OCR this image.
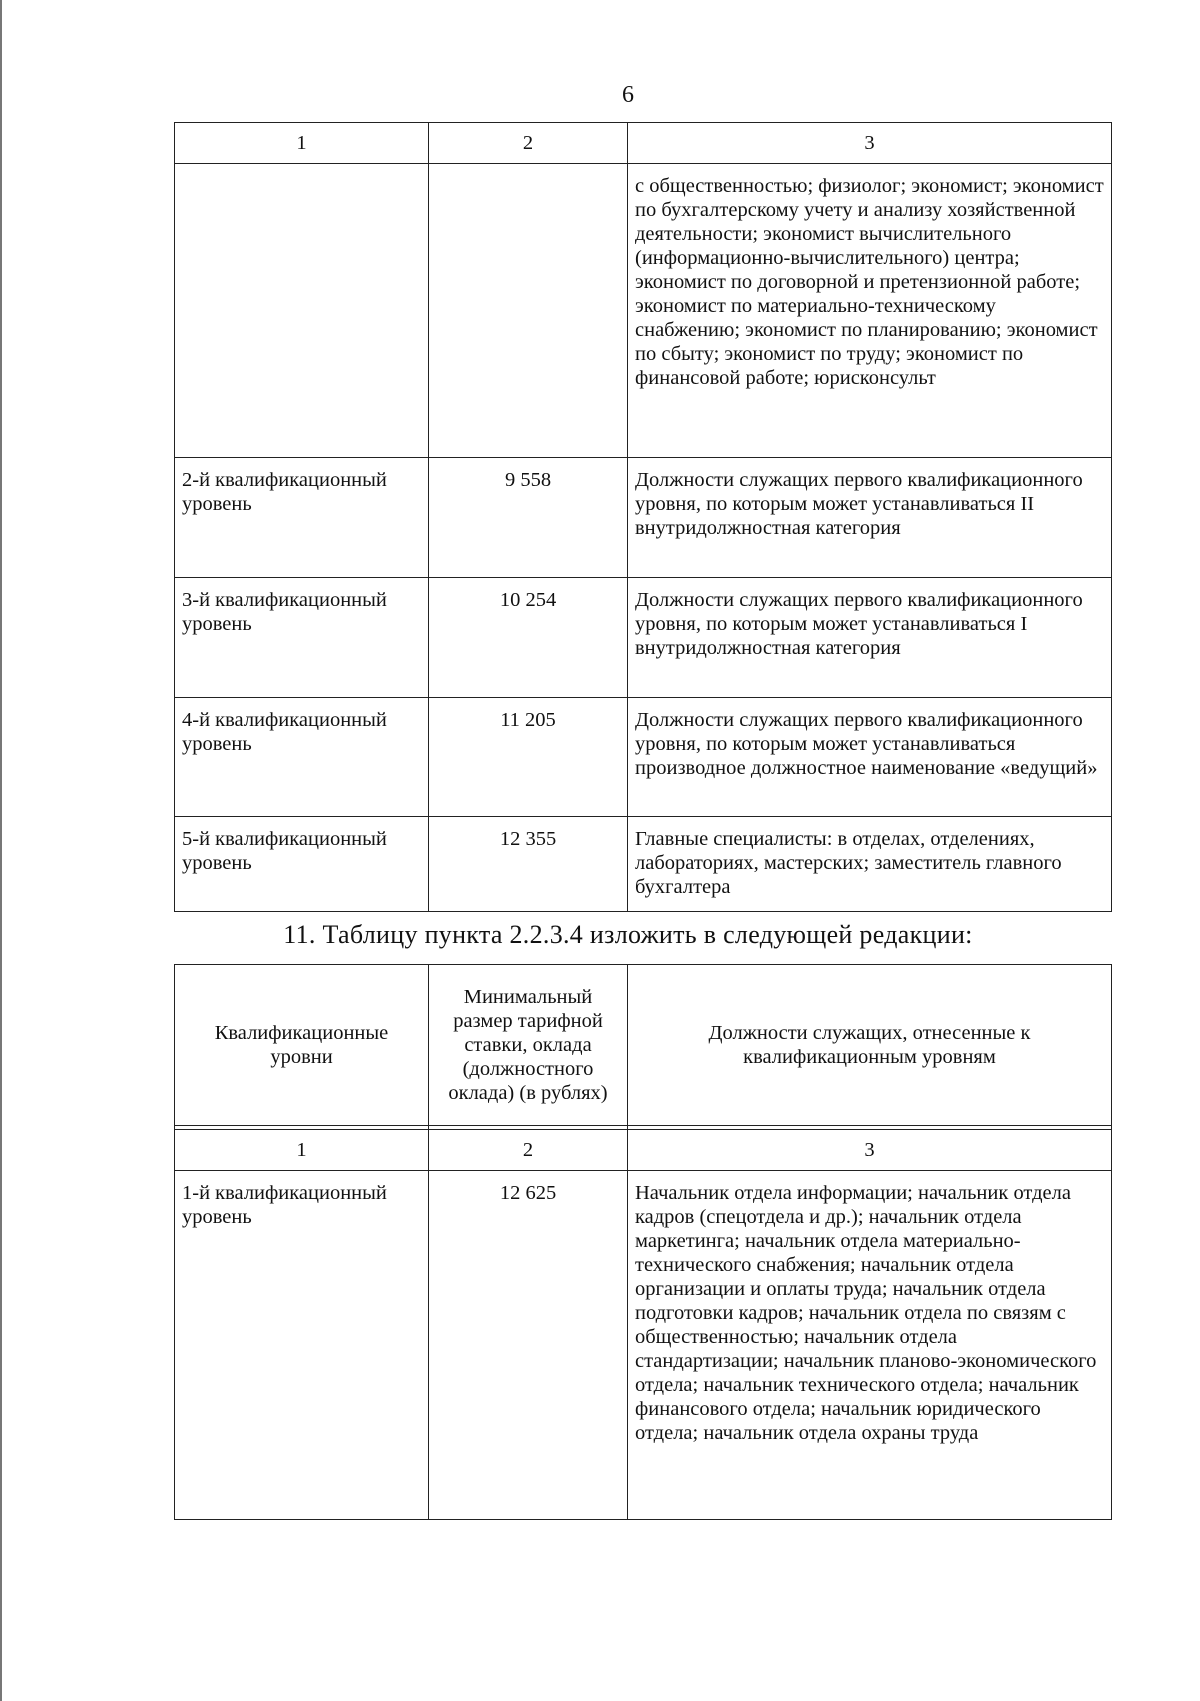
6
1	2	3
		с общественностью; физиолог; экономист; экономист по бухгалтерскому учету и анализу хозяйственной деятельности; экономист вычислительного (информационно-вычислительного) центра; экономист по договорной и претензионной работе; экономист по материально-техническому снабжению; экономист по планированию; экономист по сбыту; экономист по труду; экономист по финансовой работе; юрисконсульт
2-й квалификационный уровень	9 558	Должности служащих первого квалификационного уровня, по которым может устанавливаться II внутридолжностная категория
3-й квалификационный уровень	10 254	Должности служащих первого квалификационного уровня, по которым может устанавливаться I внутридолжностная категория
4-й квалификационный уровень	11 205	Должности служащих первого квалификационного уровня, по которым может устанавливаться производное должностное наименование «ведущий»
5-й квалификационный уровень	12 355	Главные специалисты: в отделах, отделениях, лабораториях, мастерских; заместитель главного бухгалтера
11. Таблицу пункта 2.2.3.4 изложить в следующей редакции:
Квалификационные уровни	Минимальный размер тарифной ставки, оклада (должностного оклада) (в рублях)	Должности служащих, отнесенные к квалификационным уровням

1	2	3
1-й квалификационный уровень	12 625	Начальник отдела информации; начальник отдела кадров (спецотдела и др.); начальник отдела маркетинга; начальник отдела материально-технического снабжения; начальник отдела организации и оплаты труда; начальник отдела подготовки кадров; начальник отдела по связям с общественностью; начальник отдела стандартизации; начальник планово-экономического отдела; начальник технического отдела; начальник финансового отдела; начальник юридического отдела; начальник отдела охраны труда
